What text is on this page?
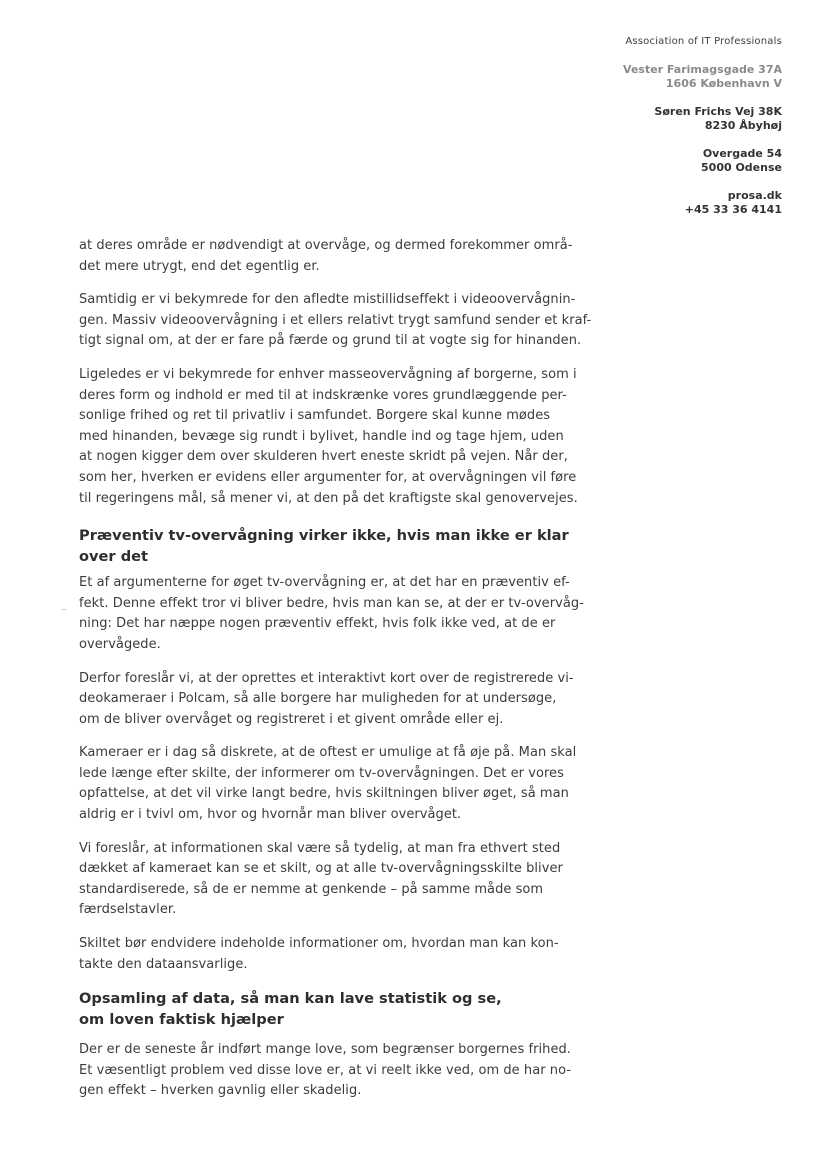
Association of IT Professionals
Vester Farimagsgade 37A
1606 København V
Søren Frichs Vej 38K
8230 Åbyhøj
Overgade 54
5000 Odense
prosa.dk
+45 33 36 4141

at deres område er nødvendigt at overvåge, og dermed forekommer områ-
det mere utrygt, end det egentlig er.

Samtidig er vi bekymrede for den afledte mistillidseffekt i videoovervågnin-
gen. Massiv videoovervågning i et ellers relativt trygt samfund sender et kraf-
tigt signal om, at der er fare på færde og grund til at vogte sig for hinanden.

Ligeledes er vi bekymrede for enhver masseovervågning af borgerne, som i
deres form og indhold er med til at indskrænke vores grundlæggende per-
sonlige frihed og ret til privatliv i samfundet. Borgere skal kunne mødes
med hinanden, bevæge sig rundt i bylivet, handle ind og tage hjem, uden
at nogen kigger dem over skulderen hvert eneste skridt på vejen. Når der,
som her, hverken er evidens eller argumenter for, at overvågningen vil føre
til regeringens mål, så mener vi, at den på det kraftigste skal genovervejes.

Præventiv tv-overvågning virker ikke, hvis man ikke er klar over det

Et af argumenterne for øget tv-overvågning er, at det har en præventiv ef-
fekt. Denne effekt tror vi bliver bedre, hvis man kan se, at der er tv-overvåg-
ning: Det har næppe nogen præventiv effekt, hvis folk ikke ved, at de er
overvågede.

Derfor foreslår vi, at der oprettes et interaktivt kort over de registrerede vi-
deokameraer i Polcam, så alle borgere har muligheden for at undersøge,
om de bliver overvåget og registreret i et givent område eller ej.

Kameraer er i dag så diskrete, at de oftest er umulige at få øje på. Man skal
lede længe efter skilte, der informerer om tv-overvågningen. Det er vores
opfattelse, at det vil virke langt bedre, hvis skiltningen bliver øget, så man
aldrig er i tvivl om, hvor og hvornår man bliver overvåget.

Vi foreslår, at informationen skal være så tydelig, at man fra ethvert sted
dækket af kameraet kan se et skilt, og at alle tv-overvågningsskilte bliver
standardiserede, så de er nemme at genkende – på samme måde som
færdselstavler.

Skiltet bør endvidere indeholde informationer om, hvordan man kan kon-
takte den dataansvarlige.

Opsamling af data, så man kan lave statistik og se,
om loven faktisk hjælper

Der er de seneste år indført mange love, som begrænser borgernes frihed.
Et væsentligt problem ved disse love er, at vi reelt ikke ved, om de har no-
gen effekt – hverken gavnlig eller skadelig.
